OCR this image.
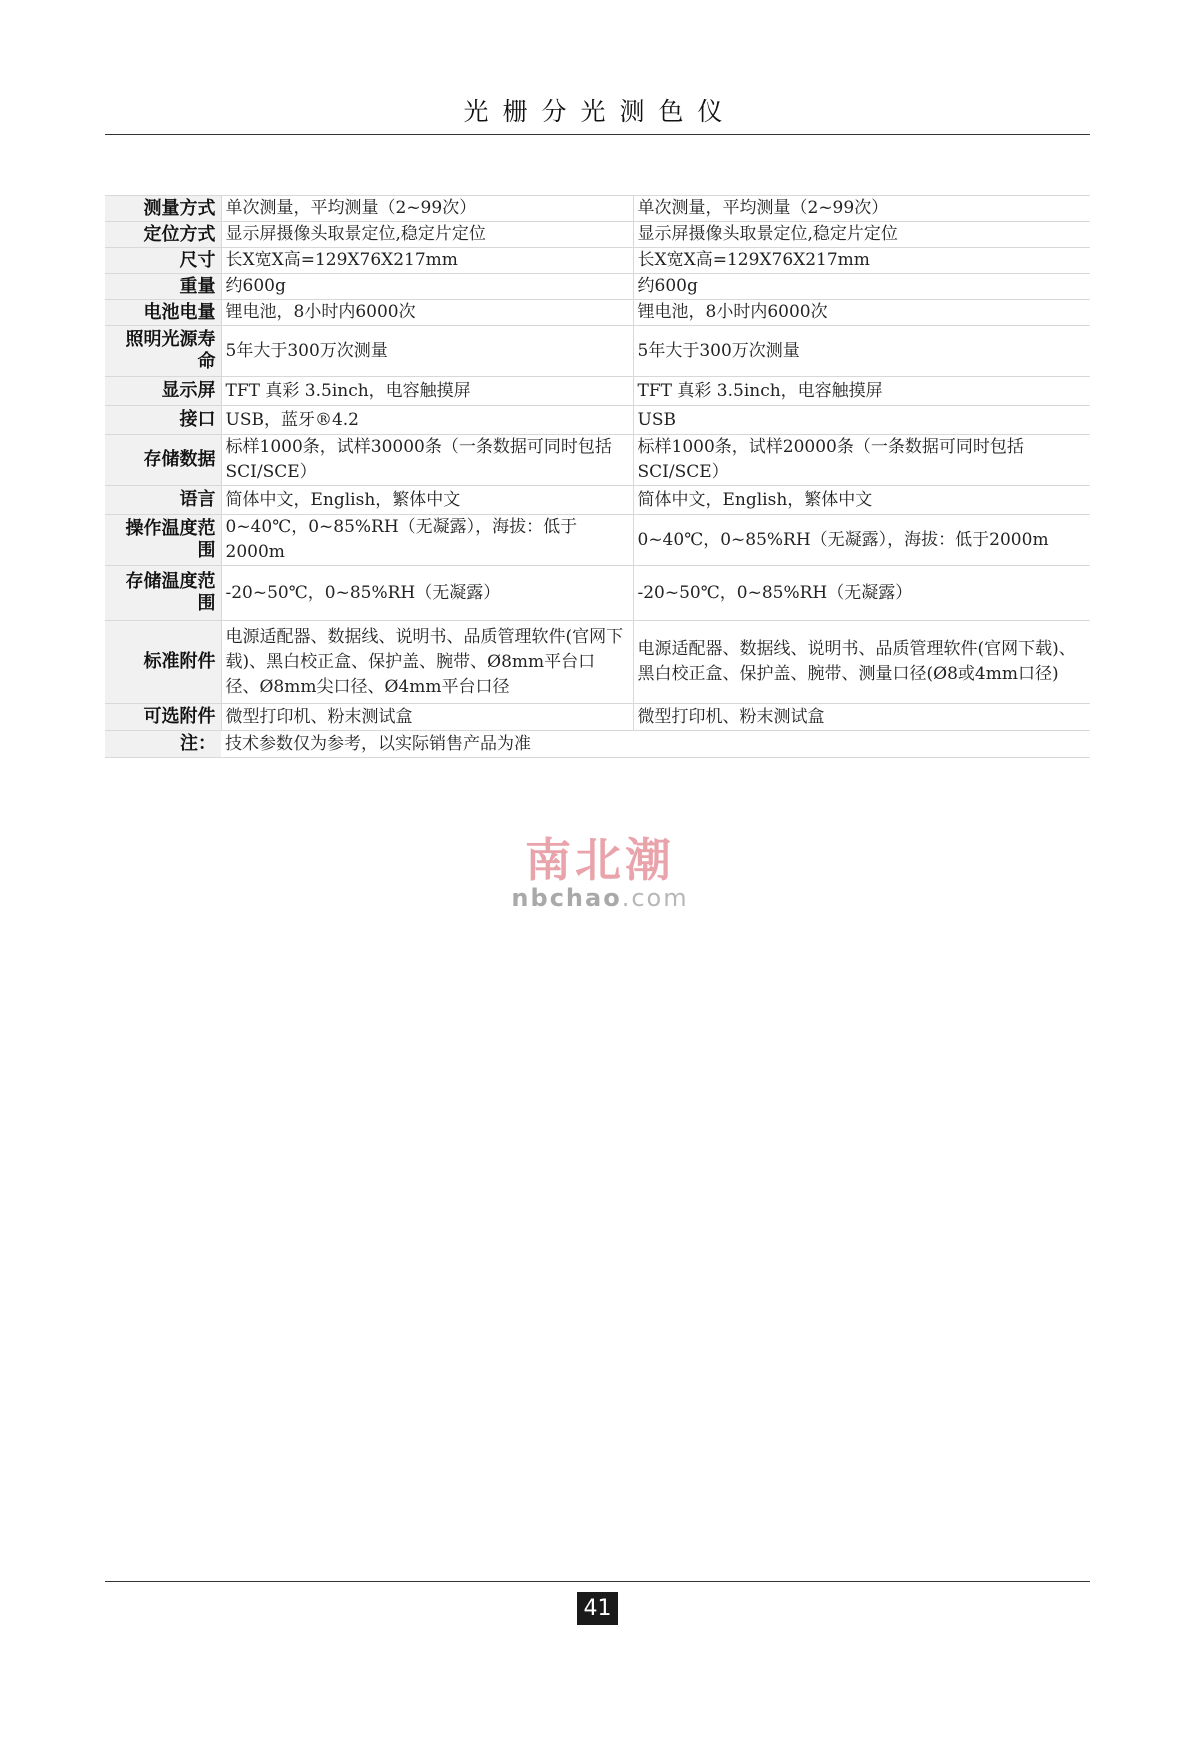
光栅分光测色仪
测量方式	单次测量，平均测量（2~99次）	单次测量，平均测量（2~99次）
定位方式	显示屏摄像头取景定位,稳定片定位	显示屏摄像头取景定位,稳定片定位
尺寸	长X宽X高=129X76X217mm	长X宽X高=129X76X217mm
重量	约600g	约600g
电池电量	锂电池，8小时内6000次	锂电池，8小时内6000次
照明光源寿命	5年大于300万次测量	5年大于300万次测量
显示屏	TFT 真彩 3.5inch，电容触摸屏	TFT 真彩 3.5inch，电容触摸屏
接口	USB，蓝牙®4.2	USB
存储数据	标样1000条，试样30000条（一条数据可同时包括SCI/SCE）	标样1000条，试样20000条（一条数据可同时包括SCI/SCE）
语言	简体中文，English，繁体中文	简体中文，English，繁体中文
操作温度范围	0~40℃，0~85%RH（无凝露），海拔：低于2000m	0~40℃，0~85%RH（无凝露），海拔：低于2000m
存储温度范围	-20~50℃，0~85%RH（无凝露）	-20~50℃，0~85%RH（无凝露）
标准附件	电源适配器、数据线、说明书、品质管理软件(官网下载)、黑白校正盒、保护盖、腕带、Ø8mm平台口径、Ø8mm尖口径、Ø4mm平台口径	电源适配器、数据线、说明书、品质管理软件(官网下载)、黑白校正盒、保护盖、腕带、测量口径(Ø8或4mm口径)
可选附件	微型打印机、粉末测试盒	微型打印机、粉末测试盒
注：	技术参数仅为参考，以实际销售产品为准	
南北潮
nbchao.com
41
